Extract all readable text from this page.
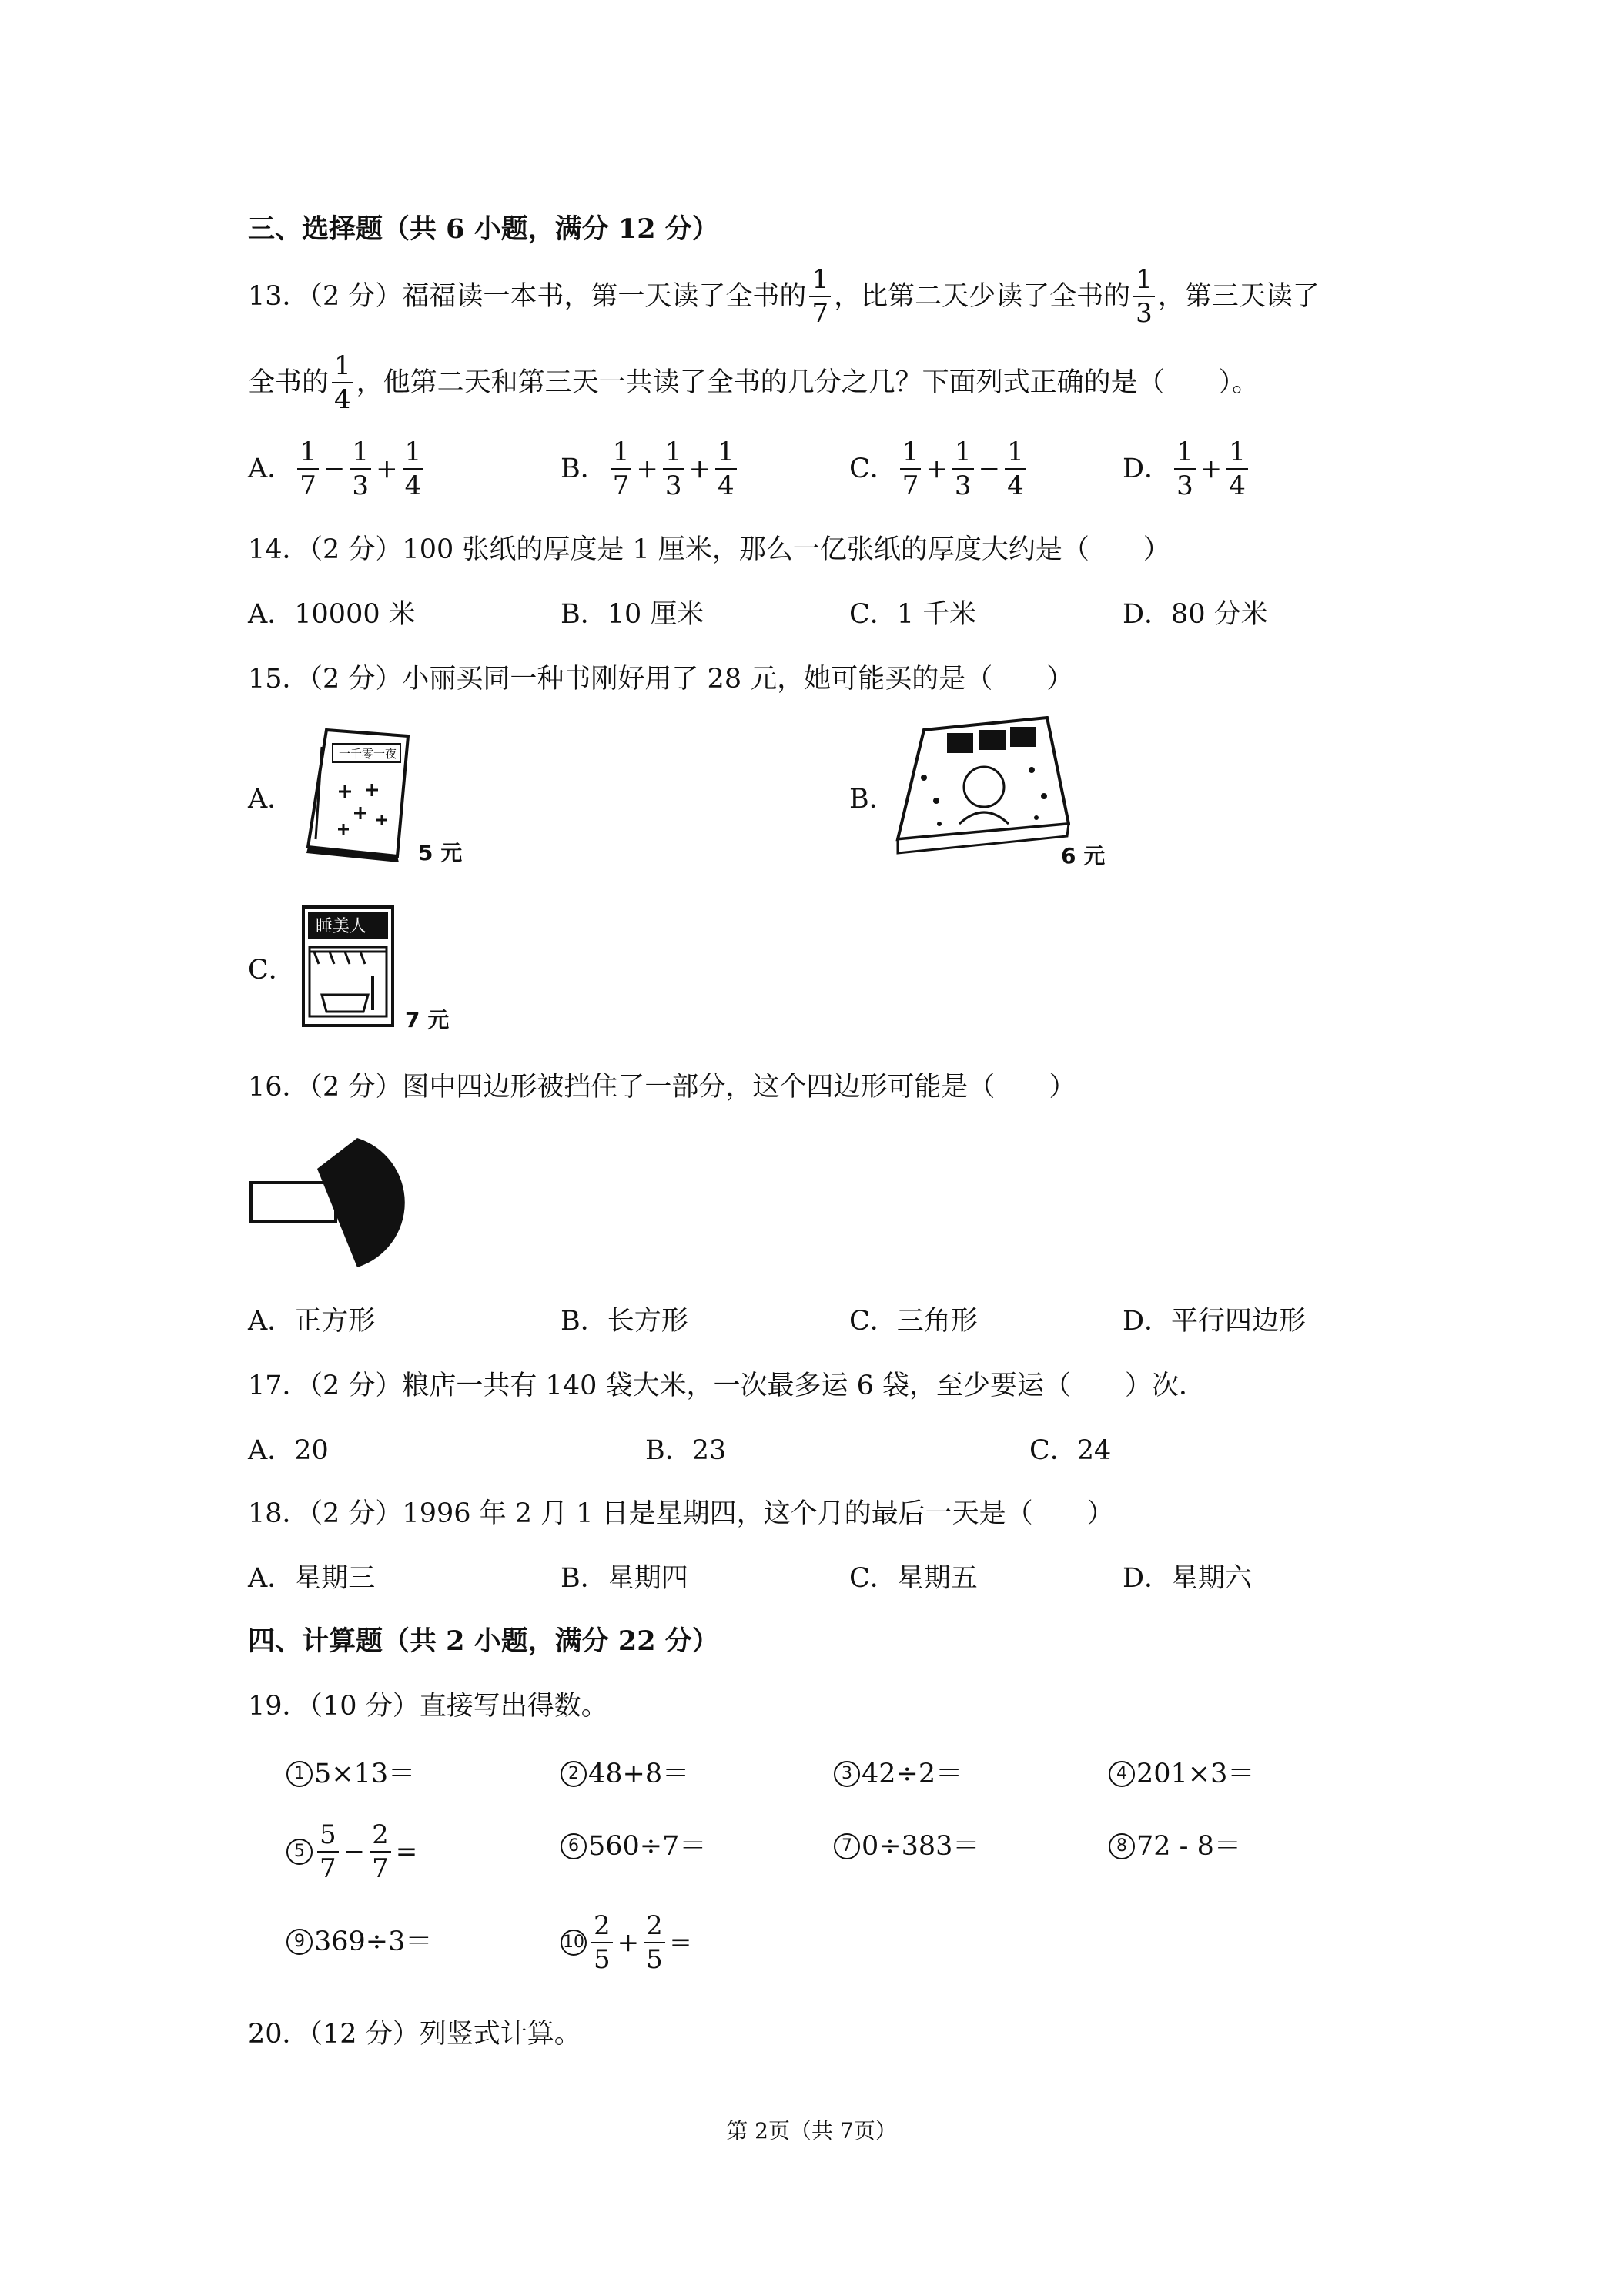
三、选择题（共 6 小题，满分 12 分）
13．（2 分）福福读一本书，第一天读了全书的 $\frac{1}{7}$ ，比第二天少读了全书的 $\frac{1}{3}$ ，第三天读了
全书的 $\frac{1}{4}$ ，他第二天和第三天一共读了全书的几分之几？下面列式正确的是（　　）。
A． $\frac{1}{7} - \frac{1}{3} + \frac{1}{4}$	B． $\frac{1}{7} + \frac{1}{3} + \frac{1}{4}$	C． $\frac{1}{7} + \frac{1}{3} - \frac{1}{4}$	D． $\frac{1}{3} + \frac{1}{4}$
14．（2 分）100 张纸的厚度是 1 厘米，那么一亿张纸的厚度大约是（　　）
A．10000 米	B．10 厘米	C．1 千米	D．80 分米
15．（2 分）小丽买同一种书刚好用了 28 元，她可能买的是（　　）
A．
一千零一夜
5 元
B．
6 元
C．
睡美人
7 元
16．（2 分）图中四边形被挡住了一部分，这个四边形可能是（　　）
A．正方形	B．长方形	C．三角形	D．平行四边形
17．（2 分）粮店一共有 140 袋大米，一次最多运 6 袋，至少要运（　　）次．
A．20	B．23	C．24
18．（2 分）1996 年 2 月 1 日是星期四，这个月的最后一天是（　　）
A．星期三	B．星期四	C．星期五	D．星期六
四、计算题（共 2 小题，满分 22 分）
19．（10 分）直接写出得数。
1 5×13＝	2 48+8＝	3 42÷2＝	4 201×3＝
$5 \frac{5}{7} - \frac{2}{7}$ =	6 560÷7＝	7 0÷383＝	8 72 - 8＝
9 369÷3＝	$10 \frac{2}{5} + \frac{2}{5}$ =
20．（12 分）列竖式计算。
第 2页（共 7页）
